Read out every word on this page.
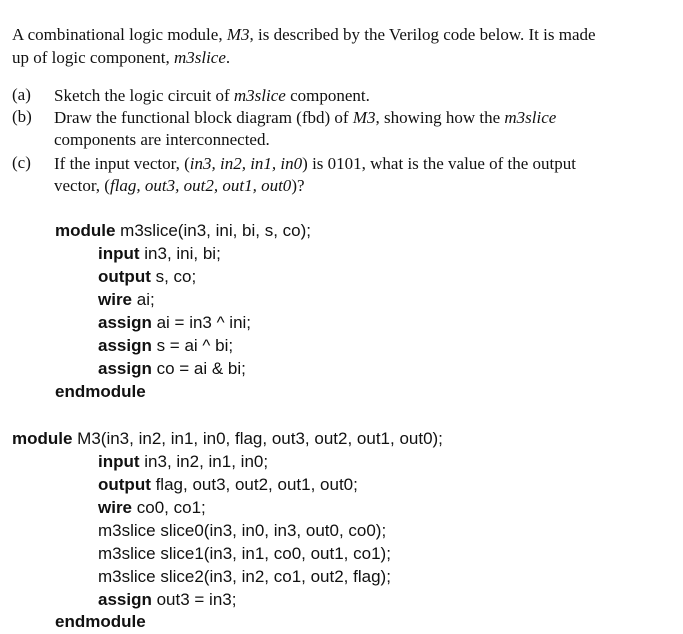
A combinational logic module, M3, is described by the Verilog code below. It is made
up of logic component, m3slice.
(a) Sketch the logic circuit of m3slice component.
(b) Draw the functional block diagram (fbd) of M3, showing how the m3slice
components are interconnected.
(c) If the input vector, (in3, in2, in1, in0) is 0101, what is the value of the output
vector, (flag, out3, out2, out1, out0)?
module m3slice(in3, ini, bi, s, co);
input in3, ini, bi;
output s, co;
wire ai;
assign ai = in3 ^ ini;
assign s = ai ^ bi;
assign co = ai & bi;
endmodule
module M3(in3, in2, in1, in0, flag, out3, out2, out1, out0);
input in3, in2, in1, in0;
output flag, out3, out2, out1, out0;
wire co0, co1;
m3slice slice0(in3, in0, in3, out0, co0);
m3slice slice1(in3, in1, co0, out1, co1);
m3slice slice2(in3, in2, co1, out2, flag);
assign out3 = in3;
endmodule
